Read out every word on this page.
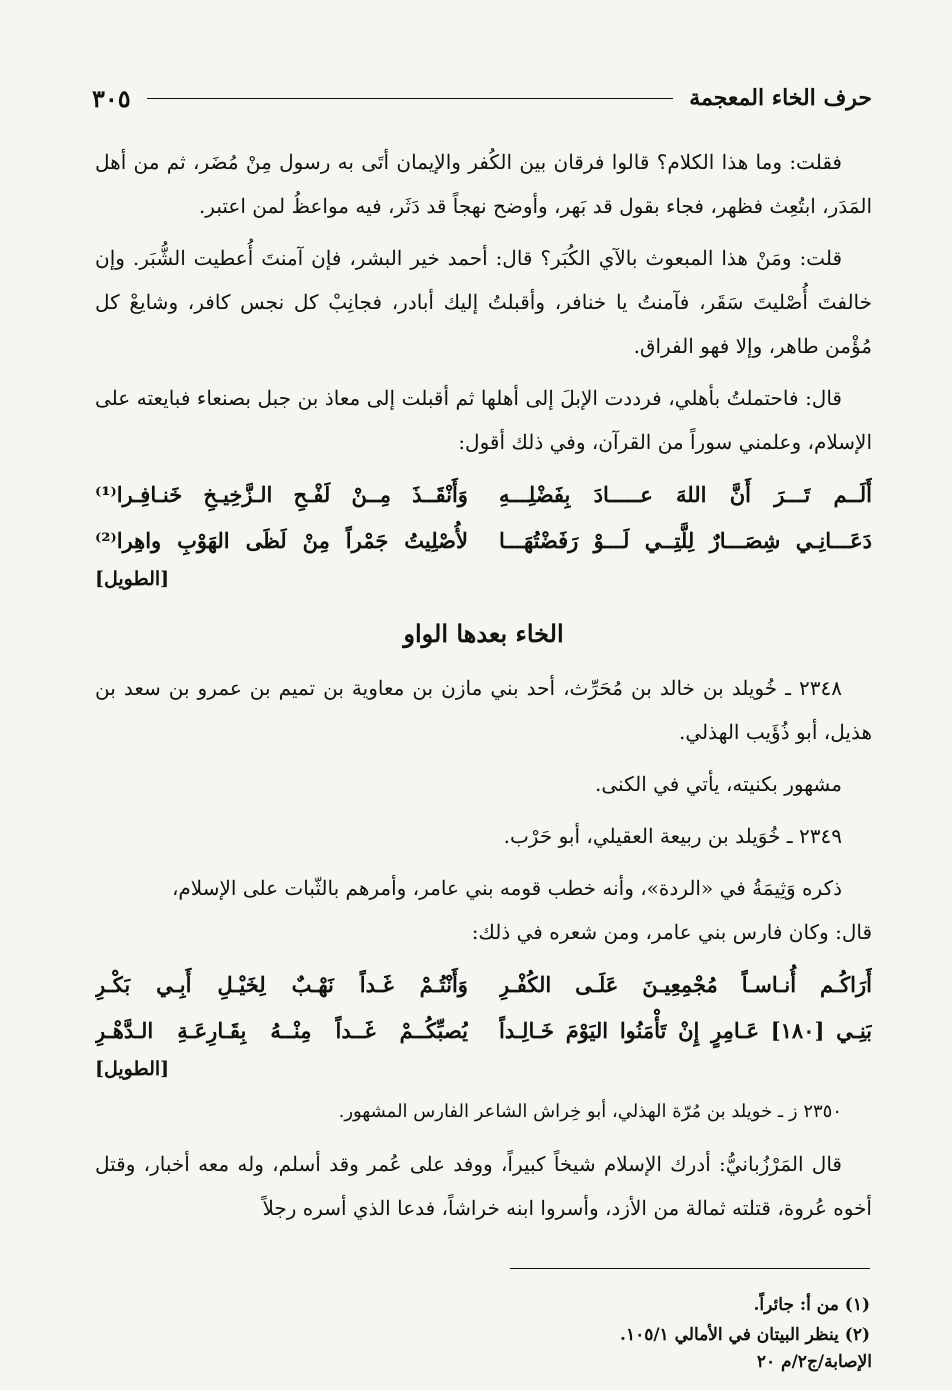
حرف الخاء المعجمة
٣٠٥

فقلت: وما هذا الكلام؟ قالوا فرقان بين الكُفر والإيمان أتَى به رسول مِنْ مُضَر، ثم من أهل المَدَر، ابتُعِث فظهر، فجاء بقول قد بَهر، وأوضح نهجاً قد دَثَر، فيه مواعظُ لمن اعتبر.

قلت: ومَنْ هذا المبعوث بالآي الكُبَر؟ قال: أحمد خير البشر، فإن آمنتَ أُعطيت الشُّبَر. وإن خالفتَ أُصْليتَ سَقَر، فآمنتُ يا خنافر، وأقبلتُ إليك أبادر، فجانِبْ كل نجس كافر، وشايعْ كل مُؤْمن طاهر، وإلا فهو الفراق.

قال: فاحتملتُ بأهلي، فرددت الإبلَ إلى أهلها ثم أقبلت إلى معاذ بن جبل بصنعاء فبايعته على الإسلام، وعلمني سوراً من القرآن، وفي ذلك أقول:

أَلَــم تَـــرَ أَنَّ اللهَ عـــــادَ بِفَضْلِـــهِ
وَأَنْقَــذَ مِــنْ لَفْـحِ الـزَّخِيـخِ خَنـافِـرا⁽¹⁾
دَعَـــانِـي شِصَـــارٌ لِلَّتِــي لَـــوْ رَفَضْتُهَـــا
لأُصْلِيتُ جَمْراً مِنْ لَظَى الهَوْبِ واهِرا⁽²⁾
[الطويل]
الخاء بعدها الواو

٢٣٤٨ ـ خُويلد بن خالد بن مُحَرِّث، أحد بني مازن بن معاوية بن تميم بن عمرو بن سعد بن هذيل، أبو ذُؤَيب الهذلي.

مشهور بكنيته، يأتي في الكنى.

٢٣٤٩ ـ خُوَيلد بن ربيعة العقيلي، أبو حَرْب.

ذكره وَثِيمَةُ في «الردة»، وأنه خطب قومه بني عامر، وأمرهم بالثّبات على الإسلام،

قال: وكان فارس بني عامر، ومن شعره في ذلك:

أَرَاكُـم أُنـاسـاً مُجْمِعِيـنَ عَلَـى الكُفْـرِ
وَأَنْتُـمْ غَـداً نَهْـبٌ لِخَيْـلِ أَبِـي بَكْـرِ
بَنِـي [١٨٠] عَـامِرٍ إِنْ تَأْمَنُوا اليَوْمَ خَـالِـداً
يُصبِّكُــمْ غَــداً مِنْــهُ بِقَـارِعَـةِ الـدَّهْـرِ
[الطويل]

٢٣٥٠ ز ـ خويلد بن مُرّة الهذلي، أبو خِراش الشاعر الفارس المشهور.

قال المَرْزُبانيُّ: أدرك الإسلام شيخاً كبيراً، ووفد على عُمر وقد أسلم، وله معه أخبار، وقتل أخوه عُروة، قتلته ثمالة من الأزد، وأسروا ابنه خراشاً، فدعا الذي أسره رجلاً

(١) من أ: جائراً.
(٢) ينظر البيتان في الأمالي ١٠٥/١.
الإصابة/ج٢/م ٢٠
